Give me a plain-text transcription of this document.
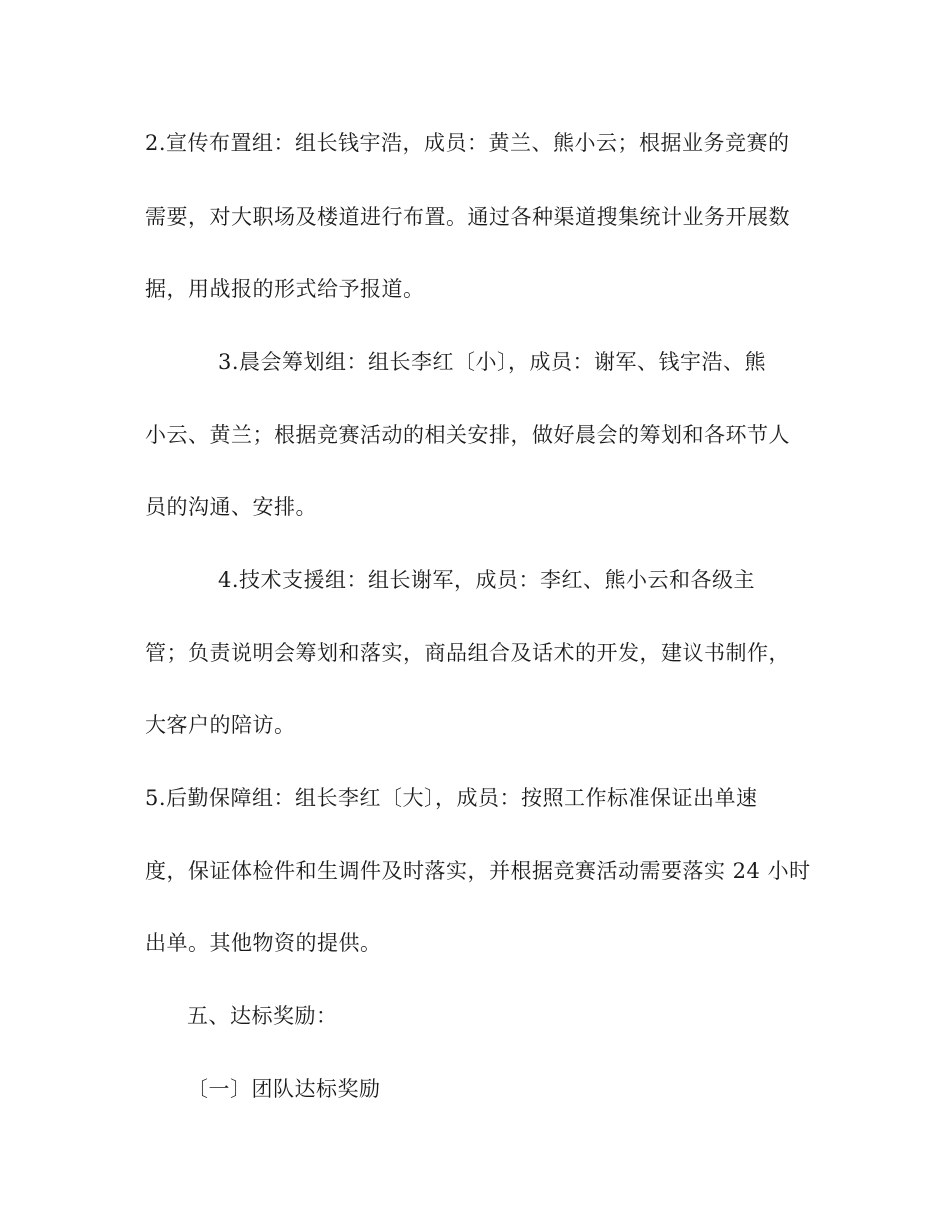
2.宣传布置组：组长钱宇浩，成员：黄兰、熊小云；根据业务竞赛的

需要，对大职场及楼道进行布置。通过各种渠道搜集统计业务开展数

据，用战报的形式给予报道。

3.晨会筹划组：组长李红〔小〕，成员：谢军、钱宇浩、熊

小云、黄兰；根据竞赛活动的相关安排，做好晨会的筹划和各环节人

员的沟通、安排。

4.技术支援组：组长谢军，成员：李红、熊小云和各级主

管；负责说明会筹划和落实，商品组合及话术的开发，建议书制作，

大客户的陪访。

5.后勤保障组：组长李红〔大〕，成员：按照工作标准保证出单速

度，保证体检件和生调件及时落实，并根据竞赛活动需要落实 24 小时

出单。其他物资的提供。

五、达标奖励：

〔一〕团队达标奖励
